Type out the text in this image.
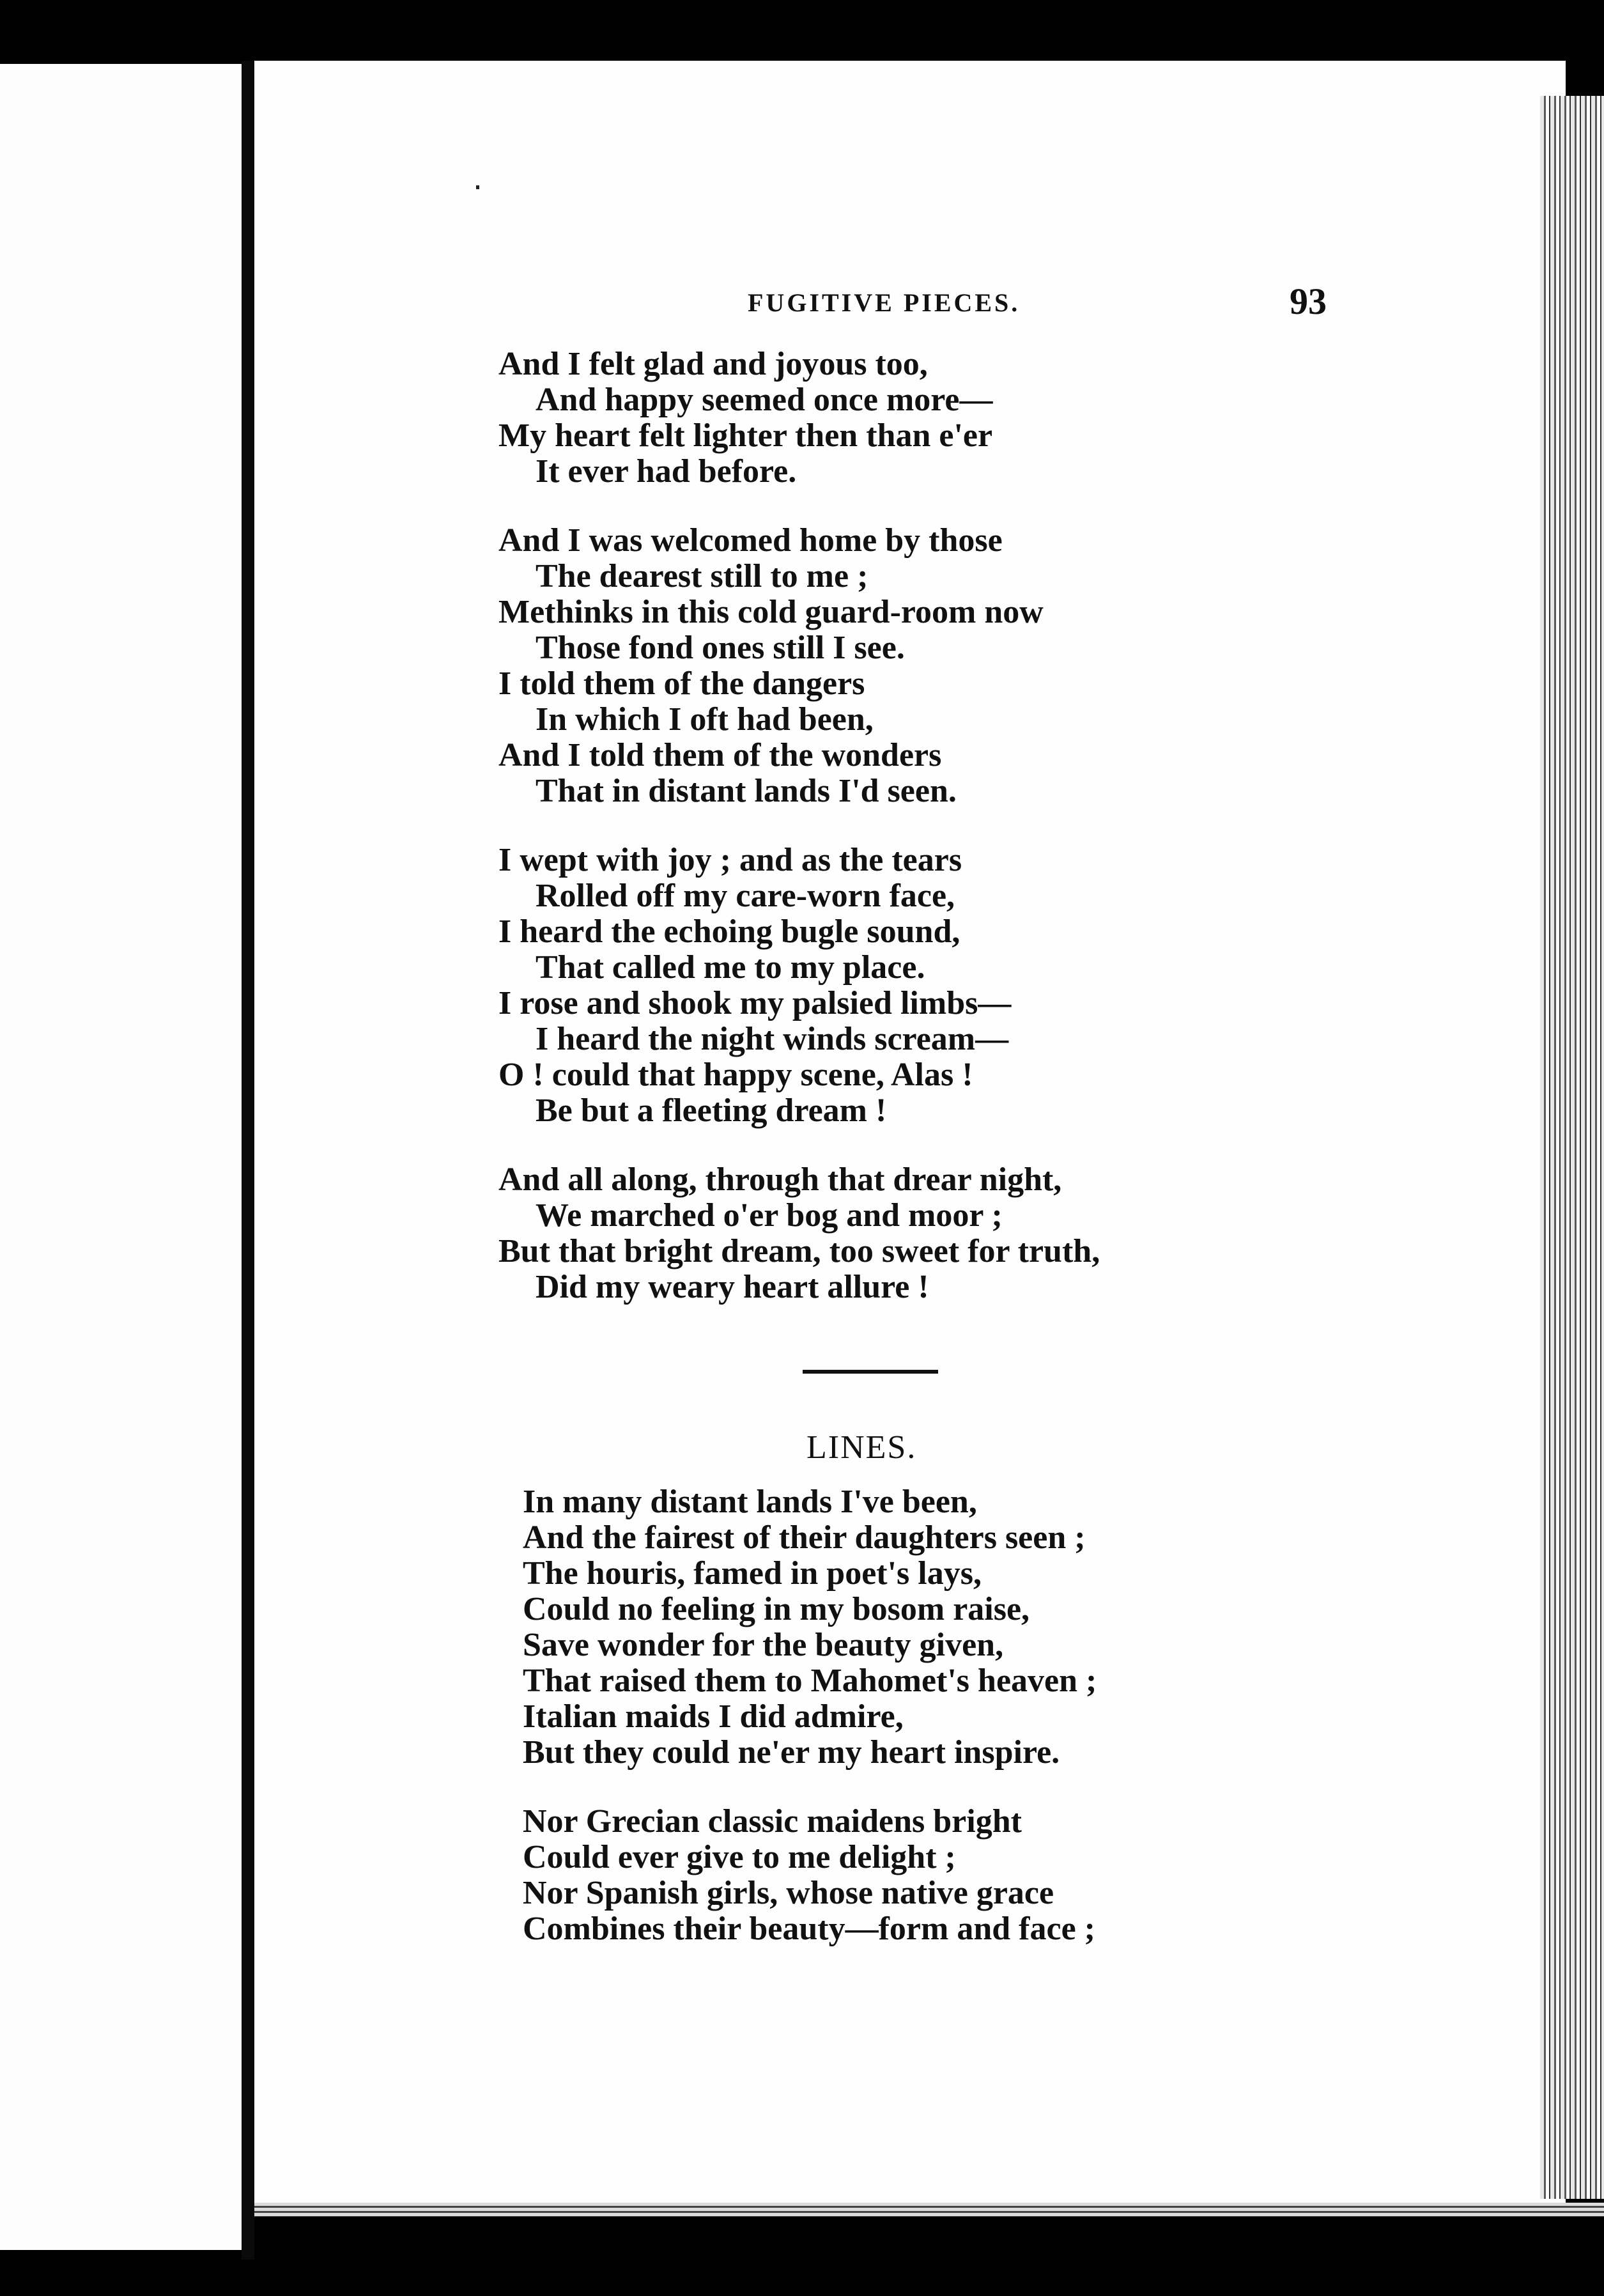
FUGITIVE PIECES.	93
And I felt glad and joyous too,
And happy seemed once more—
My heart felt lighter then than e'er
It ever had before.
And I was welcomed home by those
The dearest still to me ;
Methinks in this cold guard-room now
Those fond ones still I see.
I told them of the dangers
In which I oft had been,
And I told them of the wonders
That in distant lands I'd seen.
I wept with joy ; and as the tears
Rolled off my care-worn face,
I heard the echoing bugle sound,
That called me to my place.
I rose and shook my palsied limbs—
I heard the night winds scream—
O ! could that happy scene, Alas !
Be but a fleeting dream !
And all along, through that drear night,
We marched o'er bog and moor ;
But that bright dream, too sweet for truth,
Did my weary heart allure !
LINES.
In many distant lands I've been,
And the fairest of their daughters seen ;
The houris, famed in poet's lays,
Could no feeling in my bosom raise,
Save wonder for the beauty given,
That raised them to Mahomet's heaven ;
Italian maids I did admire,
But they could ne'er my heart inspire.
Nor Grecian classic maidens bright
Could ever give to me delight ;
Nor Spanish girls, whose native grace
Combines their beauty—form and face ;
